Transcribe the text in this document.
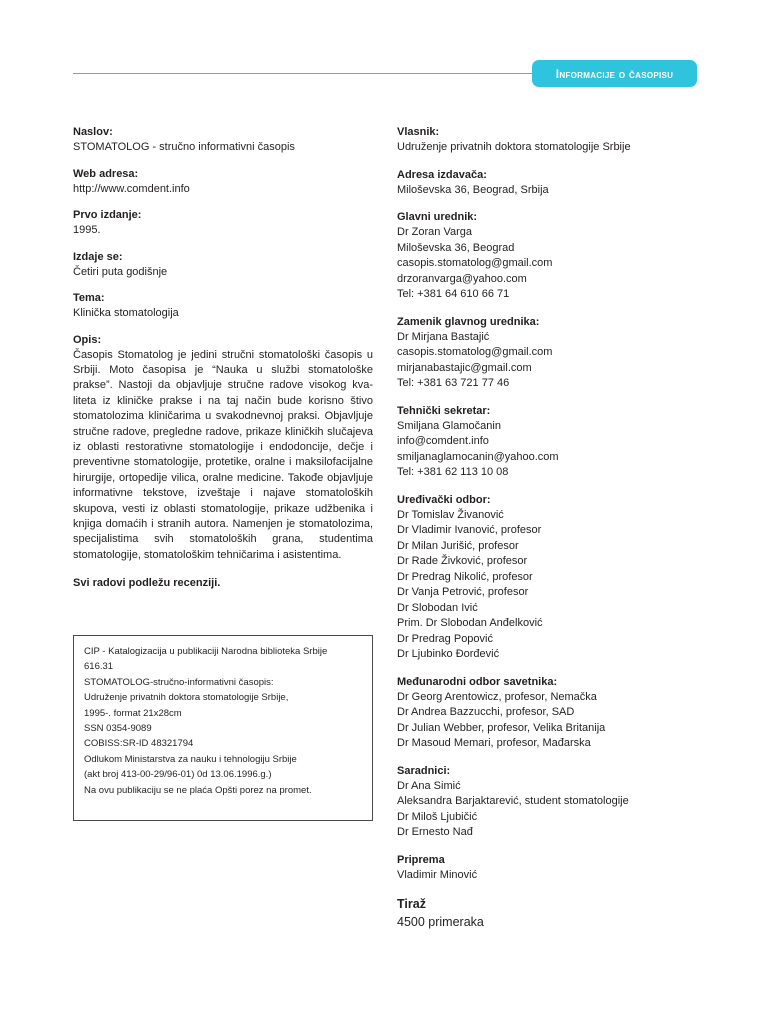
Informacije o časopisu
Naslov:
STOMATOLOG - stručno informativni časopis
Web adresa:
http://www.comdent.info
Prvo izdanje:
1995.
Izdaje se:
Četiri puta godišnje
Tema:
Klinička stomatologija
Opis:
Časopis Stomatolog je jedini stručni stomatološki časopis u Srbiji. Moto časopisa je “Nauka u službi stomatološke prakse”. Nastoji da objavljuje stručne radove visokog kvaliteta iz kliničke prakse i na taj način bude korisno štivo stomatolozima kliničarima u svakodnevnoj praksi. Objavljuje stručne radove, pregledne radove, prikaze kliničkih slučajeva iz oblasti restorativne stomatologije i endodoncije, dečje i preventivne stomatologije, protetike, oralne i maksilofacijalne hirurgije, ortopedije vilica, oralne medicine. Takođe objavljuje informativne tekstove, izveštaje i najave stomatoloških skupova, vesti iz oblasti stomatologije, prikaze udžbenika i knjiga domaćih i stranih autora. Namenjen je stomatolozima, specijalistima svih stomatoloških grana, studentima stomatologije, stomatološkim tehničarima i asistentima.
Svi radovi podležu recenziji.
CIP - Katalogizacija u publikaciji Narodna biblioteka Srbije
616.31
STOMATOLOG-stručno-informativni časopis:
Udruženje privatnih doktora stomatologije Srbije,
1995-. format 21x28cm
SSN 0354-9089
COBISS:SR-ID 48321794
Odlukom Ministarstva za nauku i tehnologiju Srbije
(akt broj 413-00-29/96-01) 0d 13.06.1996.g.)
Na ovu publikaciju se ne plaća Opšti porez na promet.
Vlasnik:
Udruženje privatnih doktora stomatologije Srbije
Adresa izdavača:
Miloševska 36, Beograd, Srbija
Glavni urednik:
Dr Zoran Varga
Miloševska 36, Beograd
casopis.stomatolog@gmail.com
drzoranvarga@yahoo.com
Tel: +381 64 610 66 71
Zamenik glavnog urednika:
Dr Mirjana Bastajić
casopis.stomatolog@gmail.com
mirjanabastajic@gmail.com
Tel: +381 63 721 77 46
Tehnički sekretar:
Smiljana Glamočanin
info@comdent.info
smiljanaglamocanin@yahoo.com
Tel: +381 62 113 10 08
Uređivački odbor:
Dr Tomislav Živanović
Dr Vladimir Ivanović, profesor
Dr Milan Jurišić, profesor
Dr Rade Živković, profesor
Dr Predrag Nikolić, profesor
Dr Vanja Petrović, profesor
Dr Slobodan Ivić
Prim. Dr Slobodan Anđelković
Dr Predrag Popović
Dr Ljubinko Đorđević
Međunarodni odbor savetnika:
Dr Georg Arentowicz, profesor, Nemačka
Dr Andrea Bazzucchi, profesor, SAD
Dr Julian Webber, profesor, Velika Britanija
Dr Masoud Memari, profesor, Mađarska
Saradnici:
Dr Ana Simić
Aleksandra Barjaktarević, student stomatologije
Dr Miloš Ljubičić
Dr Ernesto Nađ
Priprema
Vladimir Minović
Tiraž
4500 primeraka
